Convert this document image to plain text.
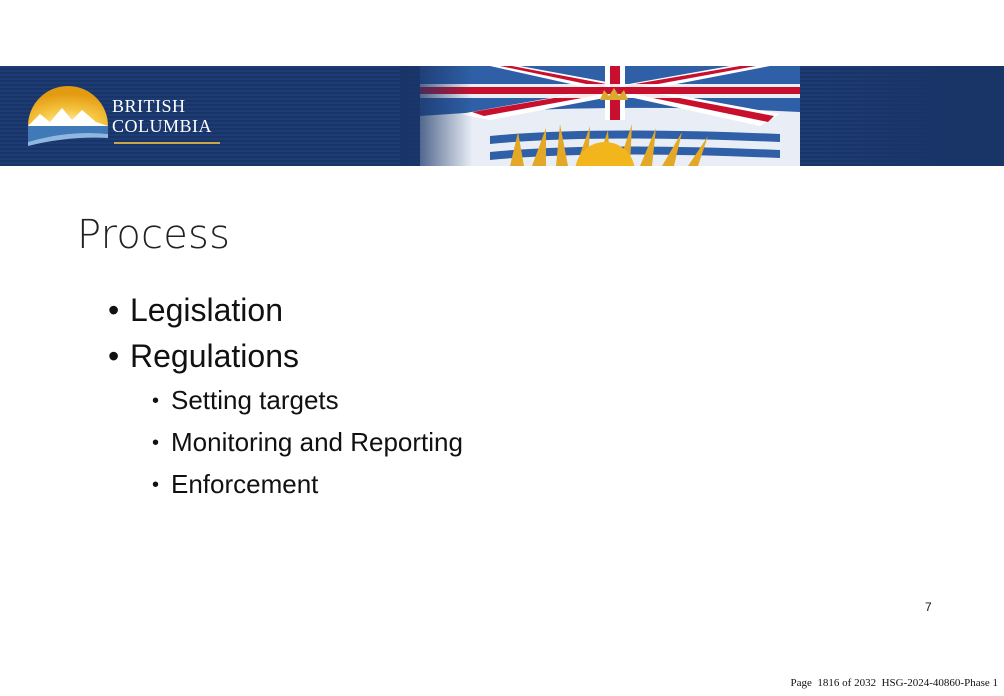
BRITISH
COLUMBIA
Process
• Legislation
• Regulations
• Setting targets
• Monitoring and Reporting
• Enforcement
7
Page  1816 of 2032  HSG-2024-40860-Phase 1
